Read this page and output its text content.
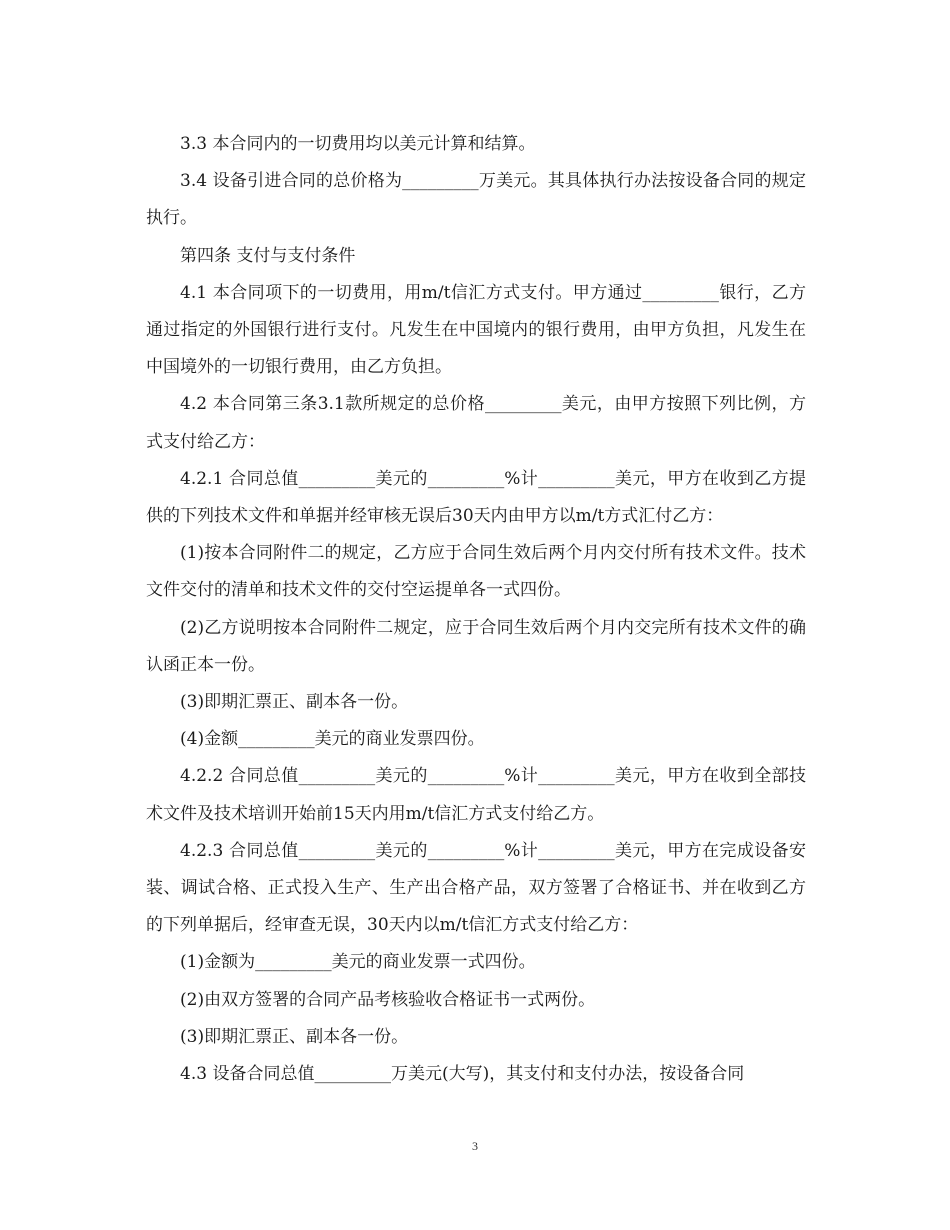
3.3 本合同内的一切费用均以美元计算和结算。

3.4 设备引进合同的总价格为_________万美元。其具体执行办法按设备合同的规定执行。

第四条 支付与支付条件

4.1 本合同项下的一切费用，用m/t信汇方式支付。甲方通过_________银行，乙方通过指定的外国银行进行支付。凡发生在中国境内的银行费用，由甲方负担，凡发生在中国境外的一切银行费用，由乙方负担。

4.2 本合同第三条3.1款所规定的总价格_________美元，由甲方按照下列比例，方式支付给乙方：

4.2.1 合同总值_________美元的_________%计_________美元，甲方在收到乙方提供的下列技术文件和单据并经审核无误后30天内由甲方以m/t方式汇付乙方：

(1)按本合同附件二的规定，乙方应于合同生效后两个月内交付所有技术文件。技术文件交付的清单和技术文件的交付空运提单各一式四份。

(2)乙方说明按本合同附件二规定，应于合同生效后两个月内交完所有技术文件的确认函正本一份。

(3)即期汇票正、副本各一份。

(4)金额_________美元的商业发票四份。

4.2.2 合同总值_________美元的_________%计_________美元，甲方在收到全部技术文件及技术培训开始前15天内用m/t信汇方式支付给乙方。

4.2.3 合同总值_________美元的_________%计_________美元，甲方在完成设备安装、调试合格、正式投入生产、生产出合格产品，双方签署了合格证书、并在收到乙方的下列单据后，经审查无误，30天内以m/t信汇方式支付给乙方：

(1)金额为_________美元的商业发票一式四份。

(2)由双方签署的合同产品考核验收合格证书一式两份。

(3)即期汇票正、副本各一份。

4.3 设备合同总值_________万美元(大写)，其支付和支付办法，按设备合同

3
